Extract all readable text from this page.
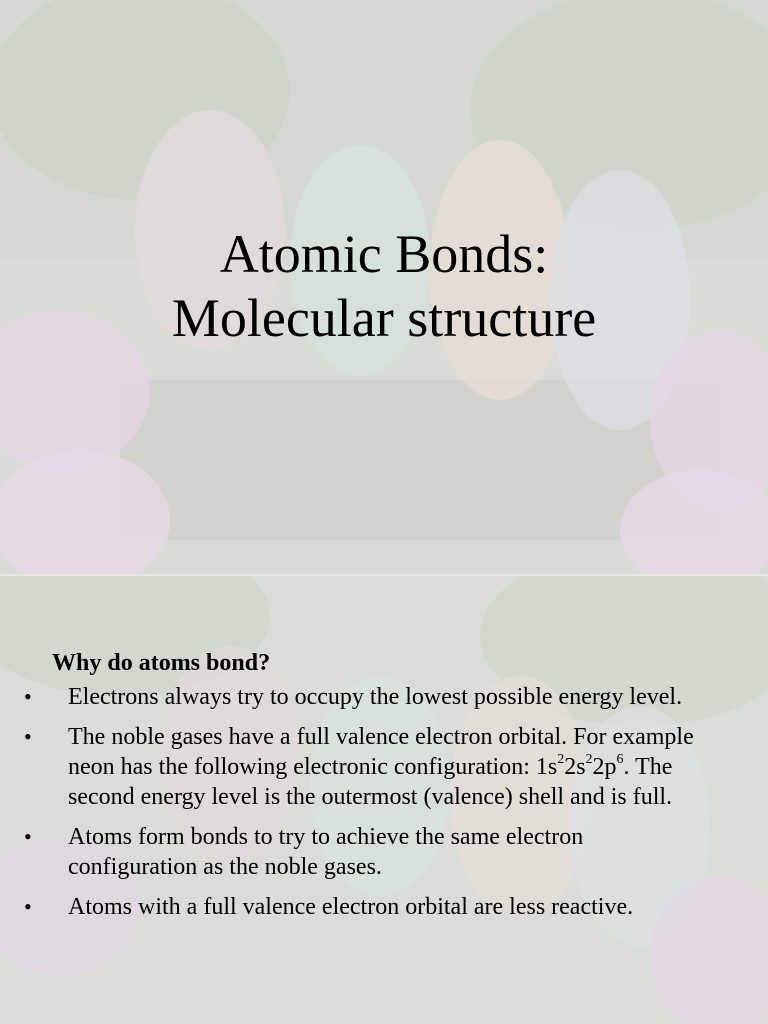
Atomic Bonds:
Molecular structure
Why do atoms bond?
• Electrons always try to occupy the lowest possible energy level.
• The noble gases have a full valence electron orbital. For example neon has the following electronic configuration: $1s^22s^22p^6$. The second energy level is the outermost (valence) shell and is full.
• Atoms form bonds to try to achieve the same electron configuration as the noble gases.
• Atoms with a full valence electron orbital are less reactive.
